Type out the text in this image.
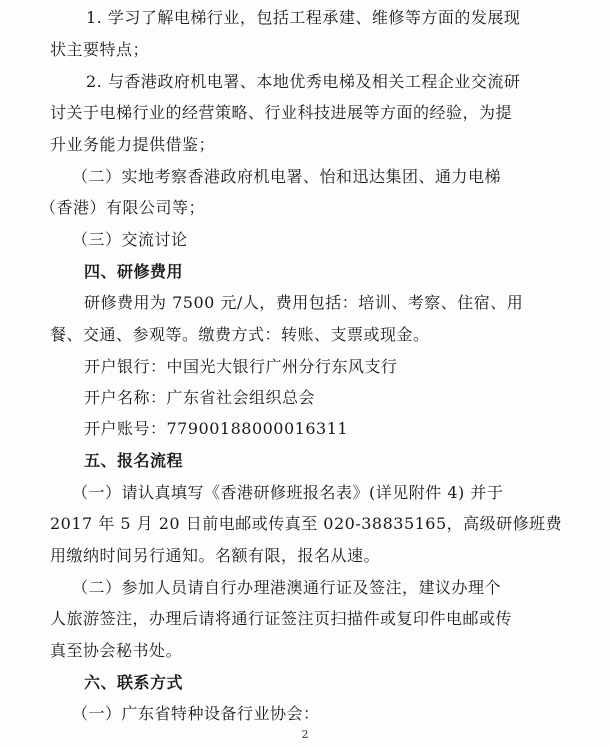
1. 学习了解电梯行业，包括工程承建、维修等方面的发展现
状主要特点；
2. 与香港政府机电署、本地优秀电梯及相关工程企业交流研
讨关于电梯行业的经营策略、行业科技进展等方面的经验，为提
升业务能力提供借鉴；
（二）实地考察香港政府机电署、怡和迅达集团、通力电梯
（香港）有限公司等；
（三）交流讨论
四、研修费用
研修费用为 7500 元/人，费用包括：培训、考察、住宿、用
餐、交通、参观等。缴费方式：转账、支票或现金。
开户银行：中国光大银行广州分行东风支行
开户名称：广东省社会组织总会
开户账号：77900188000016311
五、报名流程
（一）请认真填写《香港研修班报名表》(详见附件 4) 并于
2017 年 5 月 20 日前电邮或传真至 020-38835165，高级研修班费
用缴纳时间另行通知。名额有限，报名从速。
（二）参加人员请自行办理港澳通行证及签注，建议办理个
人旅游签注，办理后请将通行证签注页扫描件或复印件电邮或传
真至协会秘书处。
六、联系方式
（一）广东省特种设备行业协会：
2
